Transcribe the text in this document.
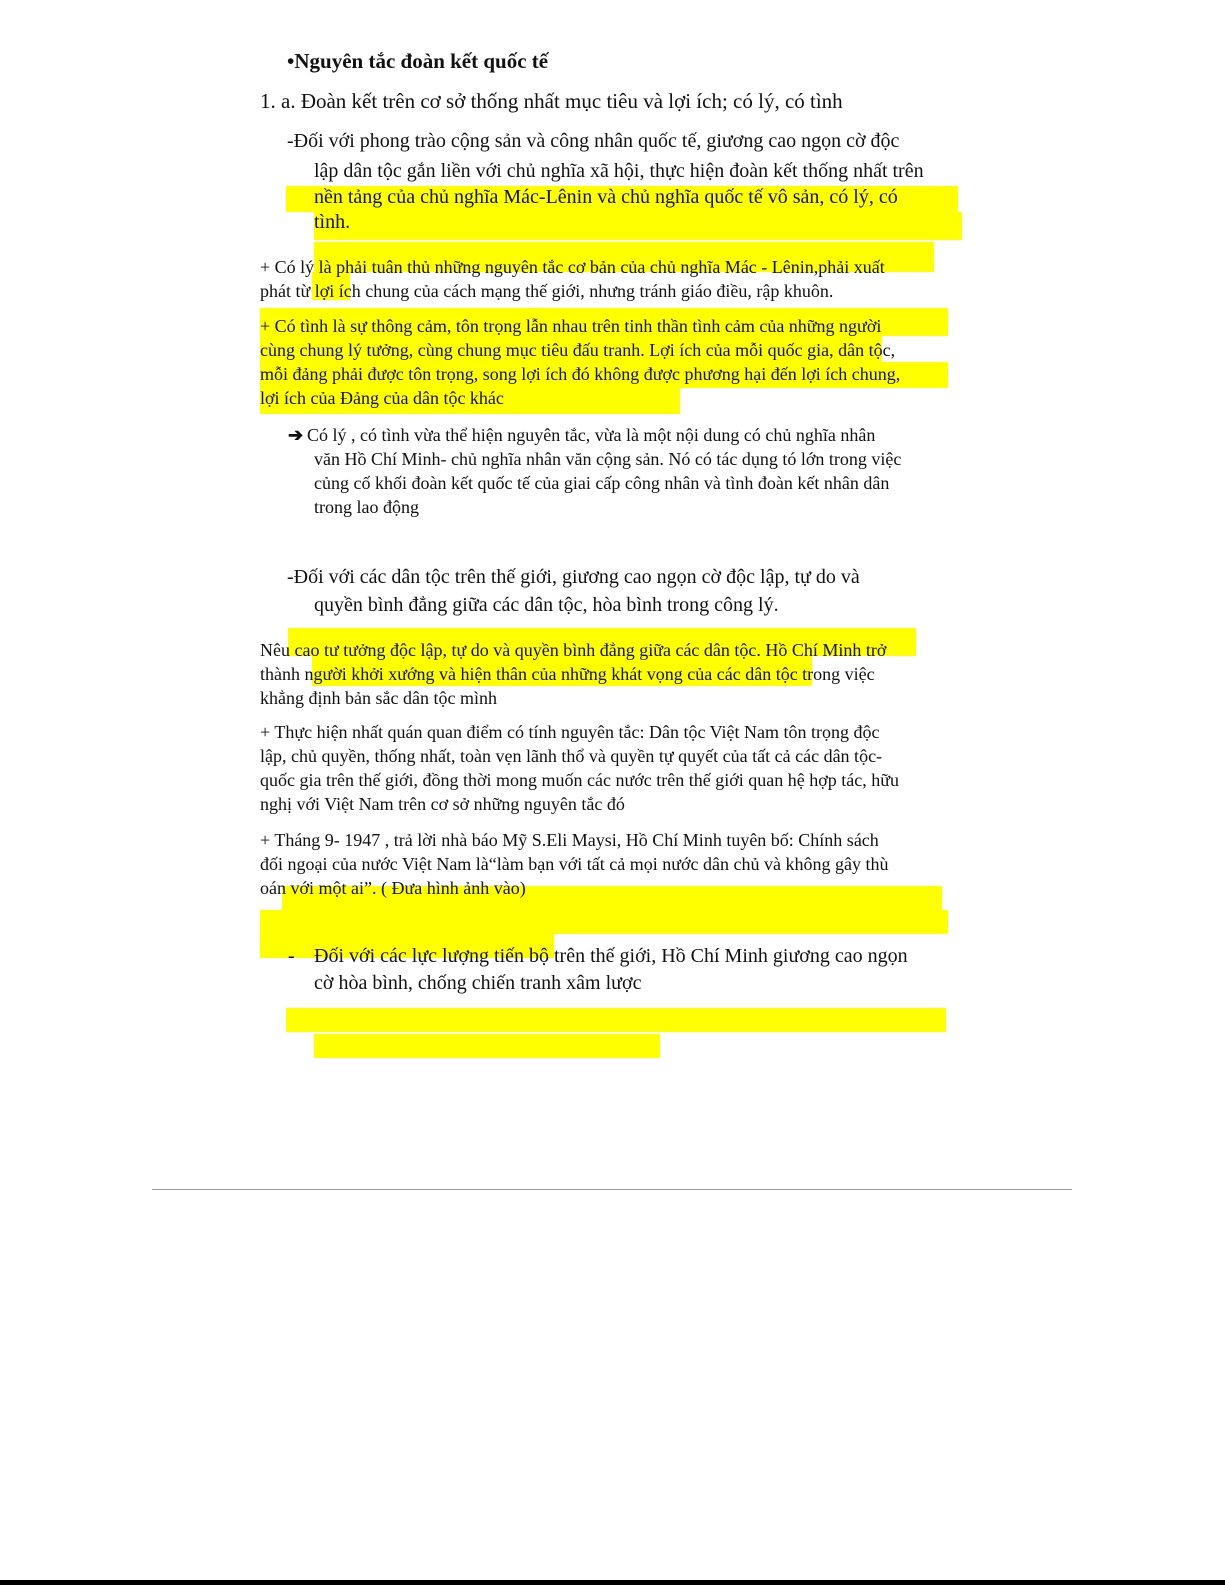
•Nguyên tắc đoàn kết quốc tế
1. a. Đoàn kết trên cơ sở thống nhất mục tiêu và lợi ích; có lý, có tình
-Đối với phong trào cộng sản và công nhân quốc tế, giương cao ngọn cờ độc
lập dân tộc gắn liền với chủ nghĩa xã hội, thực hiện đoàn kết thống nhất trên
nền tảng của chủ nghĩa Mác-Lênin và chủ nghĩa quốc tế vô sản, có lý, có
tình.
+ Có lý là phải tuân thủ những nguyên tắc cơ bản của chủ nghĩa Mác - Lênin,phải xuất
phát từ lợi ích chung của cách mạng thế giới, nhưng tránh giáo điều, rập khuôn.
+ Có tình là sự thông cảm, tôn trọng lẫn nhau trên tinh thần tình cảm của những người
cùng chung lý tưởng, cùng chung mục tiêu đấu tranh. Lợi ích của mỗi quốc gia, dân tộc,
mỗi đảng phải được tôn trọng, song lợi ích đó không được phương hại đến lợi ích chung,
lợi ích của Đảng của dân tộc khác
➔ Có lý , có tình vừa thể hiện nguyên tắc, vừa là một nội dung có chủ nghĩa nhân
văn Hồ Chí Minh- chủ nghĩa nhân văn cộng sản. Nó có tác dụng tó lớn trong việc
củng cố khối đoàn kết quốc tế của giai cấp công nhân và tình đoàn kết nhân dân
trong lao động
-Đối với các dân tộc trên thế giới, giương cao ngọn cờ độc lập, tự do và
quyền bình đẳng giữa các dân tộc, hòa bình trong công lý.
Nêu cao tư tưởng độc lập, tự do và quyền bình đẳng giữa các dân tộc. Hồ Chí Minh trở
thành người khởi xướng và hiện thân của những khát vọng của các dân tộc trong việc
khẳng định bản sắc dân tộc mình
+ Thực hiện nhất quán quan điểm có tính nguyên tắc: Dân tộc Việt Nam tôn trọng độc
lập, chủ quyền, thống nhất, toàn vẹn lãnh thổ và quyền tự quyết của tất cả các dân tộc-
quốc gia trên thế giới, đồng thời mong muốn các nước trên thế giới quan hệ hợp tác, hữu
nghị với Việt Nam trên cơ sở những nguyên tắc đó
+ Tháng 9- 1947 , trả lời nhà báo Mỹ S.Eli Maysi, Hồ Chí Minh tuyên bố: Chính sách
đối ngoại của nước Việt Nam là“làm bạn với tất cả mọi nước dân chủ và không gây thù
oán với một ai”. ( Đưa hình ảnh vào)
- Đối với các lực lượng tiến bộ trên thế giới, Hồ Chí Minh giương cao ngọn
cờ hòa bình, chống chiến tranh xâm lược
